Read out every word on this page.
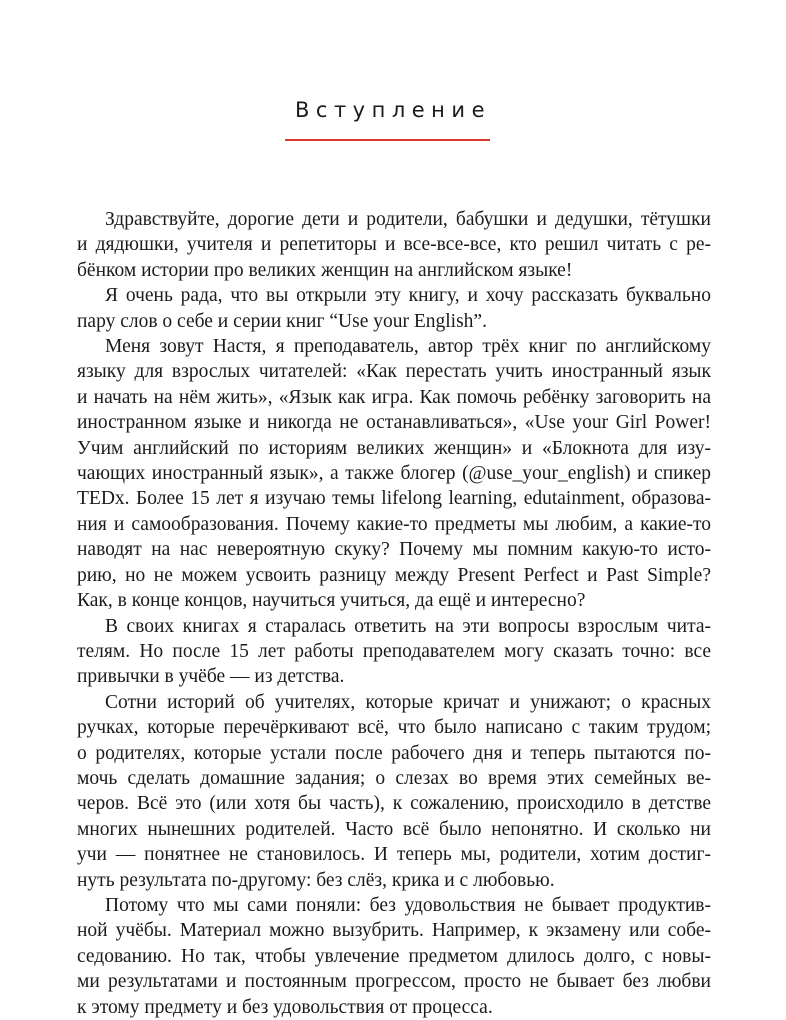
Вступление
Здравствуйте, дорогие дети и родители, бабушки и дедушки, тётушки
и дядюшки, учителя и репетиторы и все-все-все, кто решил читать с ре-
бёнком истории про великих женщин на английском языке!
Я очень рада, что вы открыли эту книгу, и хочу рассказать буквально
пару слов о себе и серии книг “Use your English”.
Меня зовут Настя, я преподаватель, автор трёх книг по английскому
языку для взрослых читателей: «Как перестать учить иностранный язык
и начать на нём жить», «Язык как игра. Как помочь ребёнку заговорить на
иностранном языке и никогда не останавливаться», «Use your Girl Power!
Учим английский по историям великих женщин» и «Блокнота для изу-
чающих иностранный язык», а также блогер (@use_your_english) и спикер
TEDx. Более 15 лет я изучаю темы lifelong learning, edutainment, образова-
ния и самообразования. Почему какие-то предметы мы любим, а какие-то
наводят на нас невероятную скуку? Почему мы помним какую-то исто-
рию, но не можем усвоить разницу между Present Perfect и Past Simple?
Как, в конце концов, научиться учиться, да ещё и интересно?
В своих книгах я старалась ответить на эти вопросы взрослым чита-
телям. Но после 15 лет работы преподавателем могу сказать точно: все
привычки в учёбе — из детства.
Сотни историй об учителях, которые кричат и унижают; о красных
ручках, которые перечёркивают всё, что было написано с таким трудом;
о родителях, которые устали после рабочего дня и теперь пытаются по-
мочь сделать домашние задания; о слезах во время этих семейных ве-
черов. Всё это (или хотя бы часть), к сожалению, происходило в детстве
многих нынешних родителей. Часто всё было непонятно. И сколько ни
учи — понятнее не становилось. И теперь мы, родители, хотим достиг-
нуть результата по-другому: без слёз, крика и с любовью.
Потому что мы сами поняли: без удовольствия не бывает продуктив-
ной учёбы. Материал можно вызубрить. Например, к экзамену или собе-
седованию. Но так, чтобы увлечение предметом длилось долго, с новы-
ми результатами и постоянным прогрессом, просто не бывает без любви
к этому предмету и без удовольствия от процесса.
